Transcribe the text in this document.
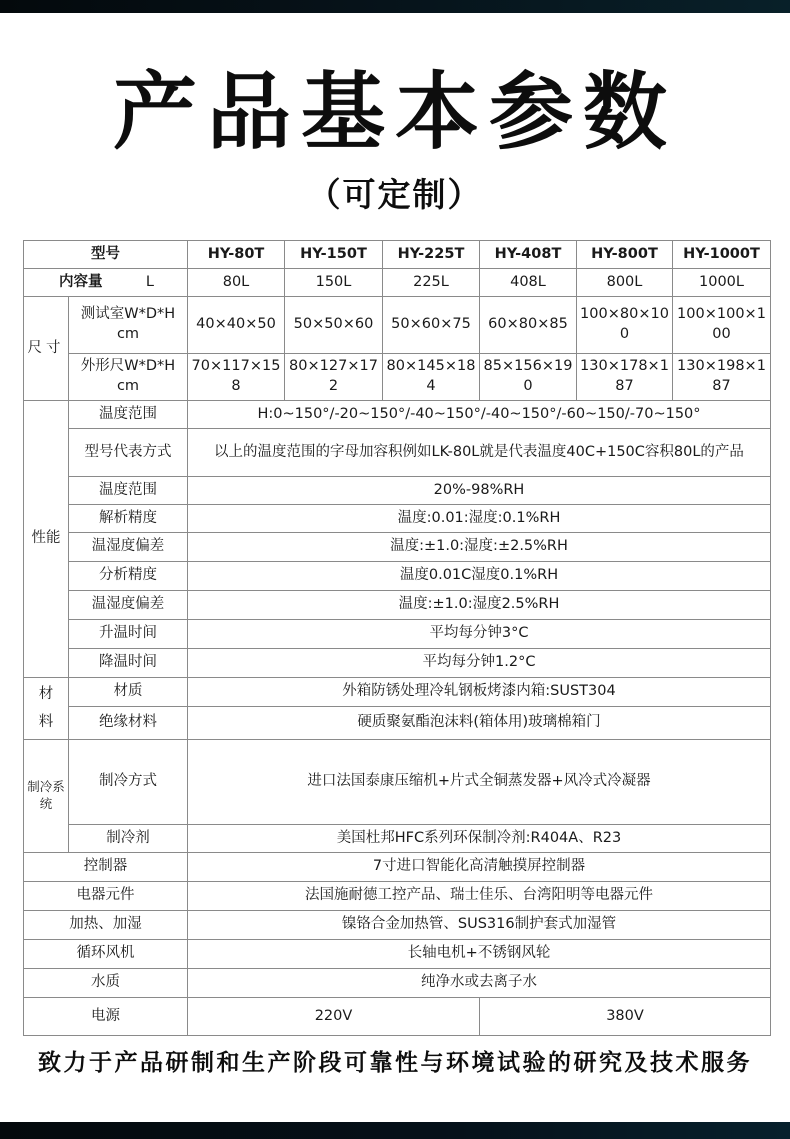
产品基本参数
（可定制）
型号		HY-80T	HY-150T	HY-225T	HY-408T	HY-800T	HY-1000T

内容量 L		80L	150L	225L	408L	800L	1000L
尺寸	测试室W*D*H cm	40×40×50	50×50×60	50×60×75	60×80×85	100×80×100	100×100×100
	外形尺W*D*H cm	70×117×158	80×127×172	80×145×184	85×156×190	130×178×187	130×198×187
性能	温度范围	H:0~150°/-20~150°/-40~150°/-40~150°/-60~150/-70~150°					
	型号代表方式	以上的温度范围的字母加容积例如LK-80L就是代表温度40C+150C容积80L的产品					
	温度范围	20%-98%RH					
	解析精度	温度:0.01:湿度:0.1%RH					
	温湿度偏差	温度:±1.0:湿度:±2.5%RH					
	分析精度	温度0.01C湿度0.1%RH					
	温湿度偏差	温度:±1.0:湿度2.5%RH					
	升温时间	平均每分钟3°C					
	降温时间	平均每分钟1.2°C					

材料	材质	外箱防锈处理冷轧钢板烤漆内箱:SUST304					
	绝缘材料	硬质聚氨酯泡沫料(箱体用)玻璃棉箱门					
制冷系统	制冷方式	进口法国泰康压缩机+片式全铜蒸发器+风冷式冷凝器					
	制冷剂	美国杜邦HFC系列环保制冷剂:R404A、R23					
控制器		7寸进口智能化高清触摸屏控制器					
电器元件		法国施耐德工控产品、瑞士佳乐、台湾阳明等电器元件					
加热、加湿		镍铬合金加热管、SUS316制护套式加湿管					
循环风机		长轴电机+不锈钢风轮					
水质		纯净水或去离子水					
电源		220V			380V		
致力于产品研制和生产阶段可靠性与环境试验的研究及技术服务
